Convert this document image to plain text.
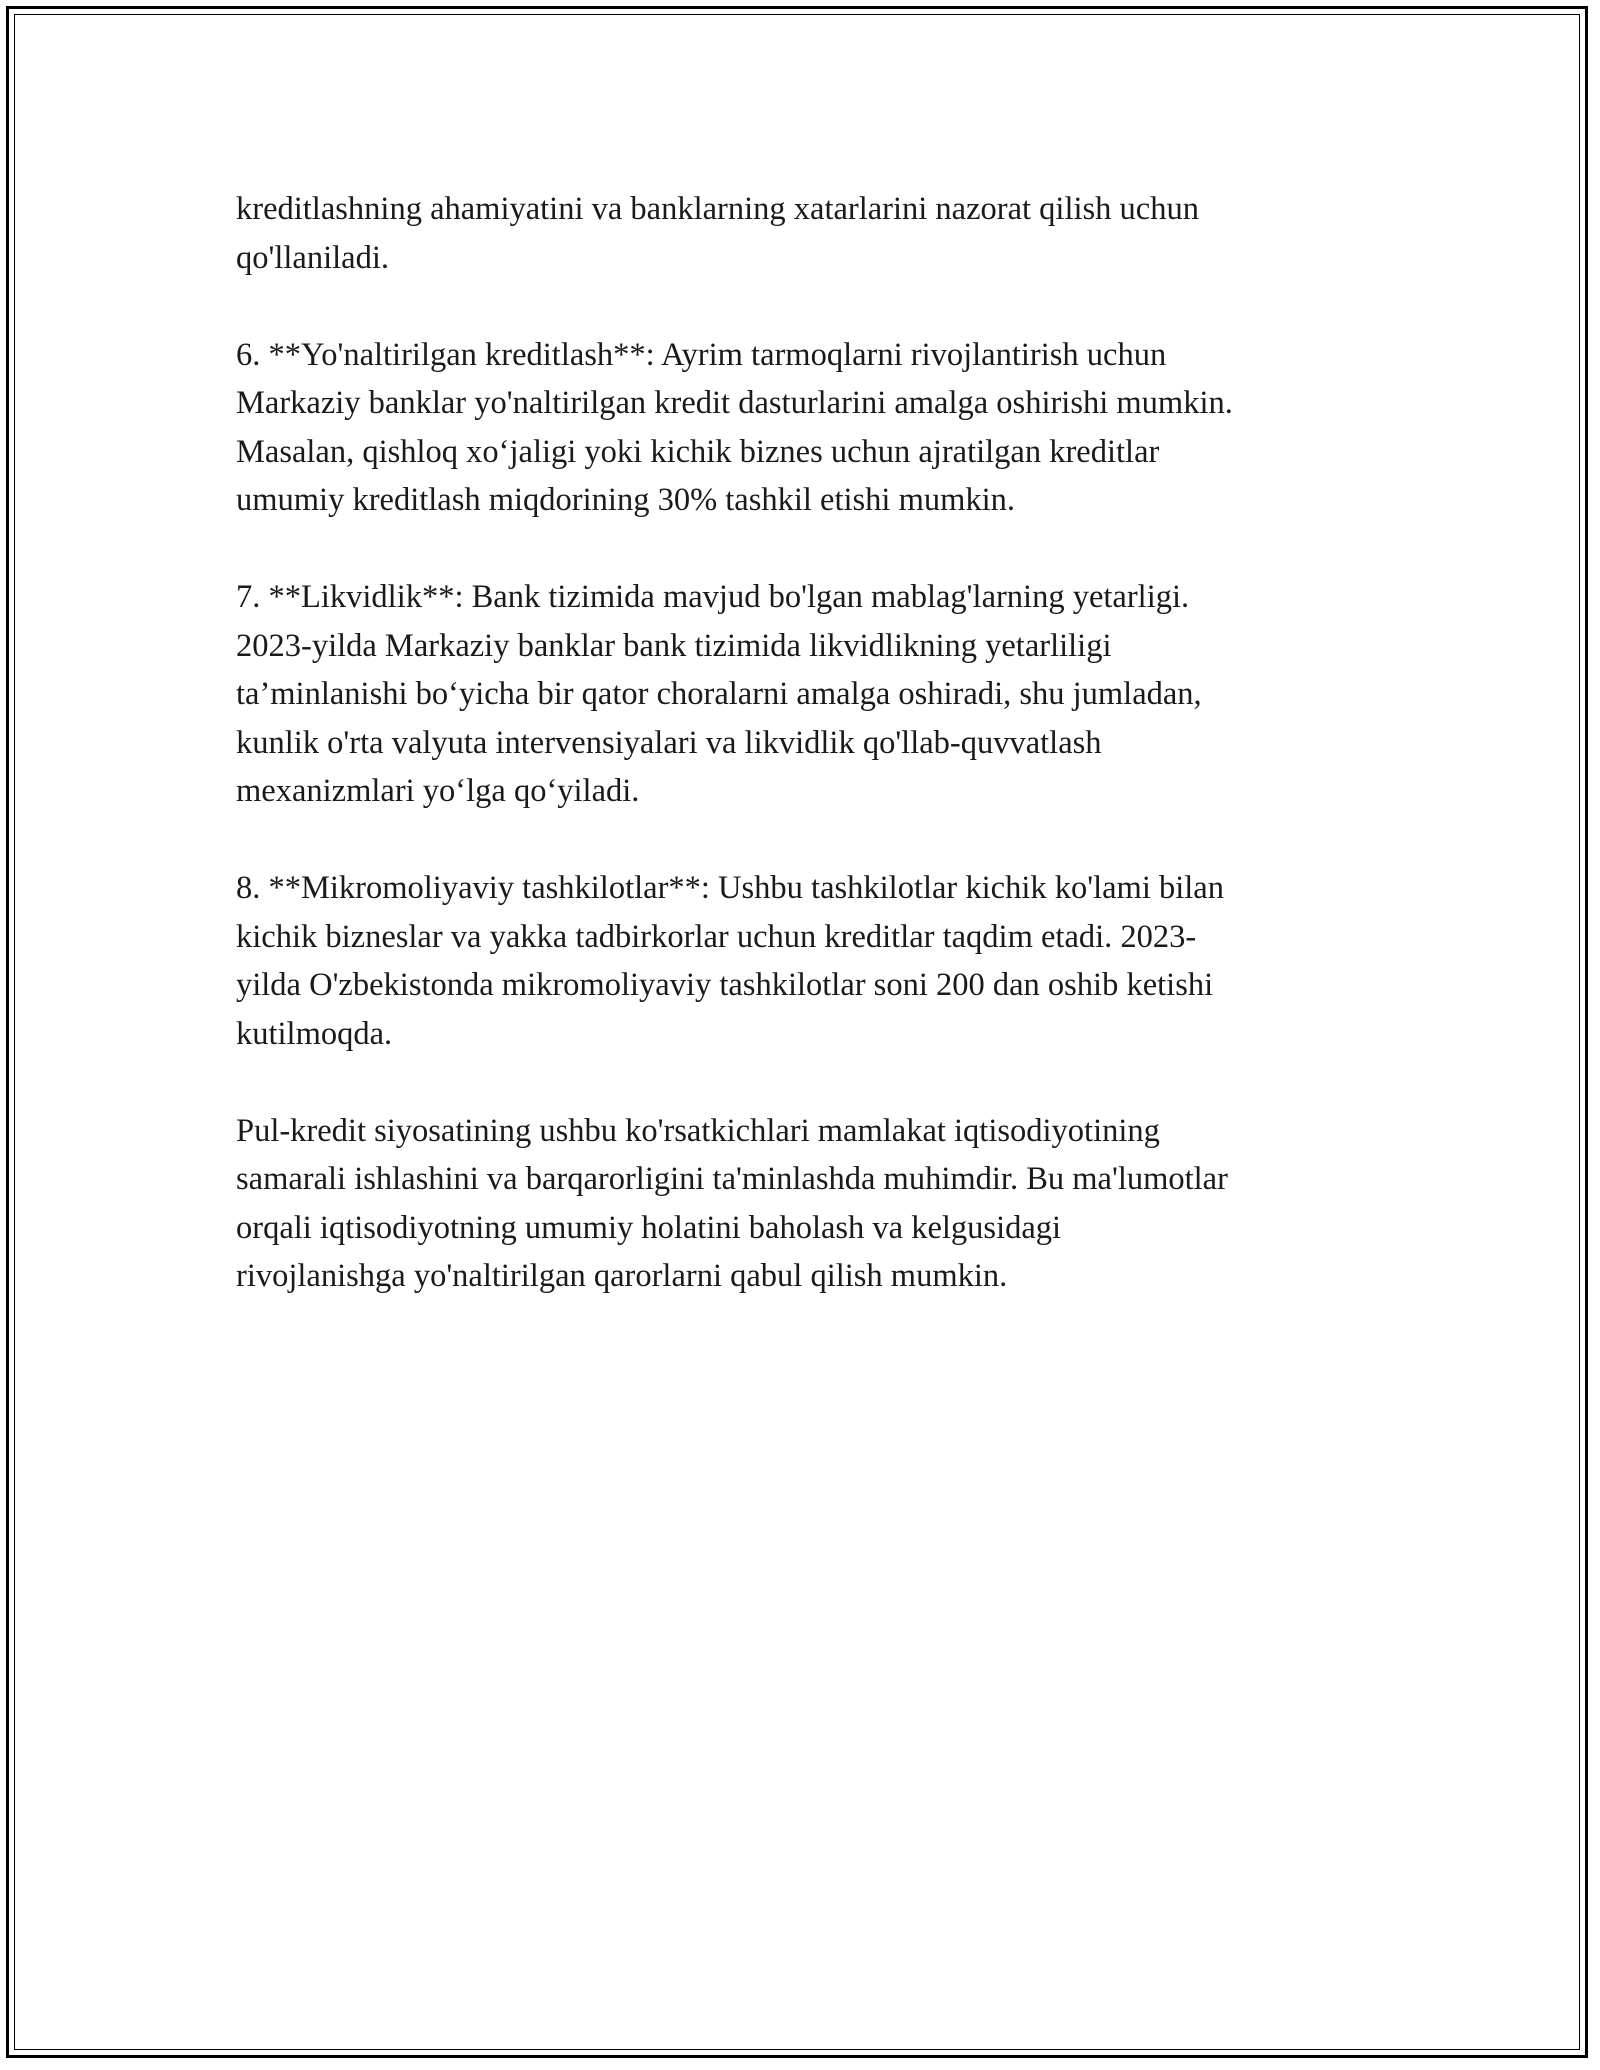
kreditlashning ahamiyatini va banklarning xatarlarini nazorat qilish uchun
qo'llaniladi.

6. **Yo'naltirilgan kreditlash**: Ayrim tarmoqlarni rivojlantirish uchun
Markaziy banklar yo'naltirilgan kredit dasturlarini amalga oshirishi mumkin.
Masalan, qishloq xo‘jaligi yoki kichik biznes uchun ajratilgan kreditlar
umumiy kreditlash miqdorining 30% tashkil etishi mumkin.

7. **Likvidlik**: Bank tizimida mavjud bo'lgan mablag'larning yetarligi.
2023-yilda Markaziy banklar bank tizimida likvidlikning yetarliligi
ta’minlanishi bo‘yicha bir qator choralarni amalga oshiradi, shu jumladan,
kunlik o'rta valyuta intervensiyalari va likvidlik qo'llab-quvvatlash
mexanizmlari yo‘lga qo‘yiladi.

8. **Mikromoliyaviy tashkilotlar**: Ushbu tashkilotlar kichik ko'lami bilan
kichik bizneslar va yakka tadbirkorlar uchun kreditlar taqdim etadi. 2023-
yilda O'zbekistonda mikromoliyaviy tashkilotlar soni 200 dan oshib ketishi
kutilmoqda.

Pul-kredit siyosatining ushbu ko'rsatkichlari mamlakat iqtisodiyotining
samarali ishlashini va barqarorligini ta'minlashda muhimdir. Bu ma'lumotlar
orqali iqtisodiyotning umumiy holatini baholash va kelgusidagi
rivojlanishga yo'naltirilgan qarorlarni qabul qilish mumkin.
